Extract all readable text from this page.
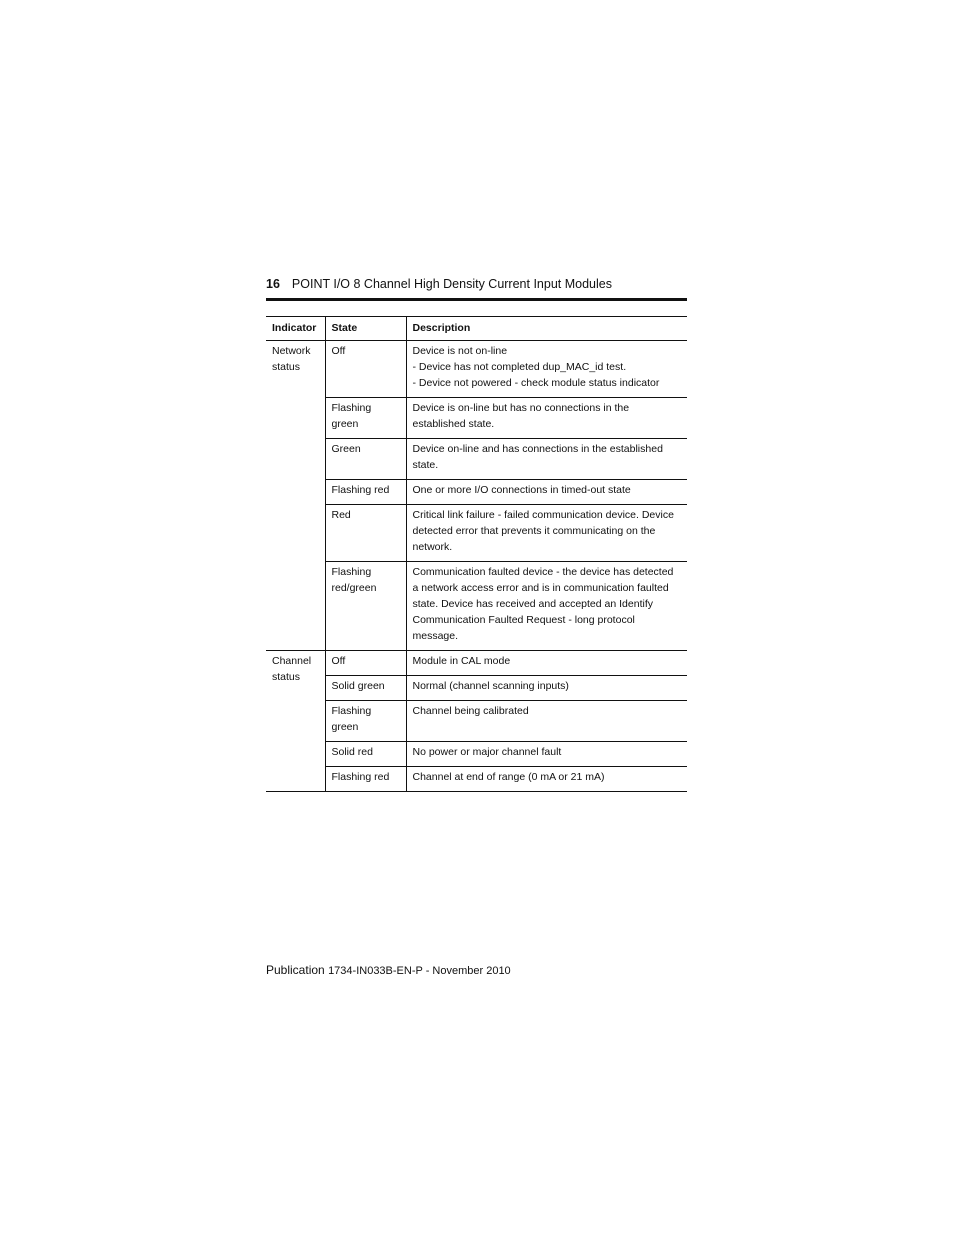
16 POINT I/O 8 Channel High Density Current Input Modules
Indicator	State	Description
Network status	Off	Device is not on-line
- Device has not completed dup_MAC_id test.
- Device not powered - check module status indicator

	Flashing green	Device is on-line but has no connections in the established state.

	Green	Device on-line and has connections in the established state.

	Flashing red	One or more I/O connections in timed-out state

	Red	Critical link failure - failed communication device. Device detected error that prevents it communicating on the network.

	Flashing red/green	Communication faulted device - the device has detected a network access error and is in communication faulted state. Device has received and accepted an Identify Communication Faulted Request - long protocol message.

Channel status	Off	Module in CAL mode

	Solid green	Normal (channel scanning inputs)

	Flashing green	Channel being calibrated

	Solid red	No power or major channel fault

	Flashing red	Channel at end of range (0 mA or 21 mA)
Publication 1734-IN033B-EN-P - November 2010
